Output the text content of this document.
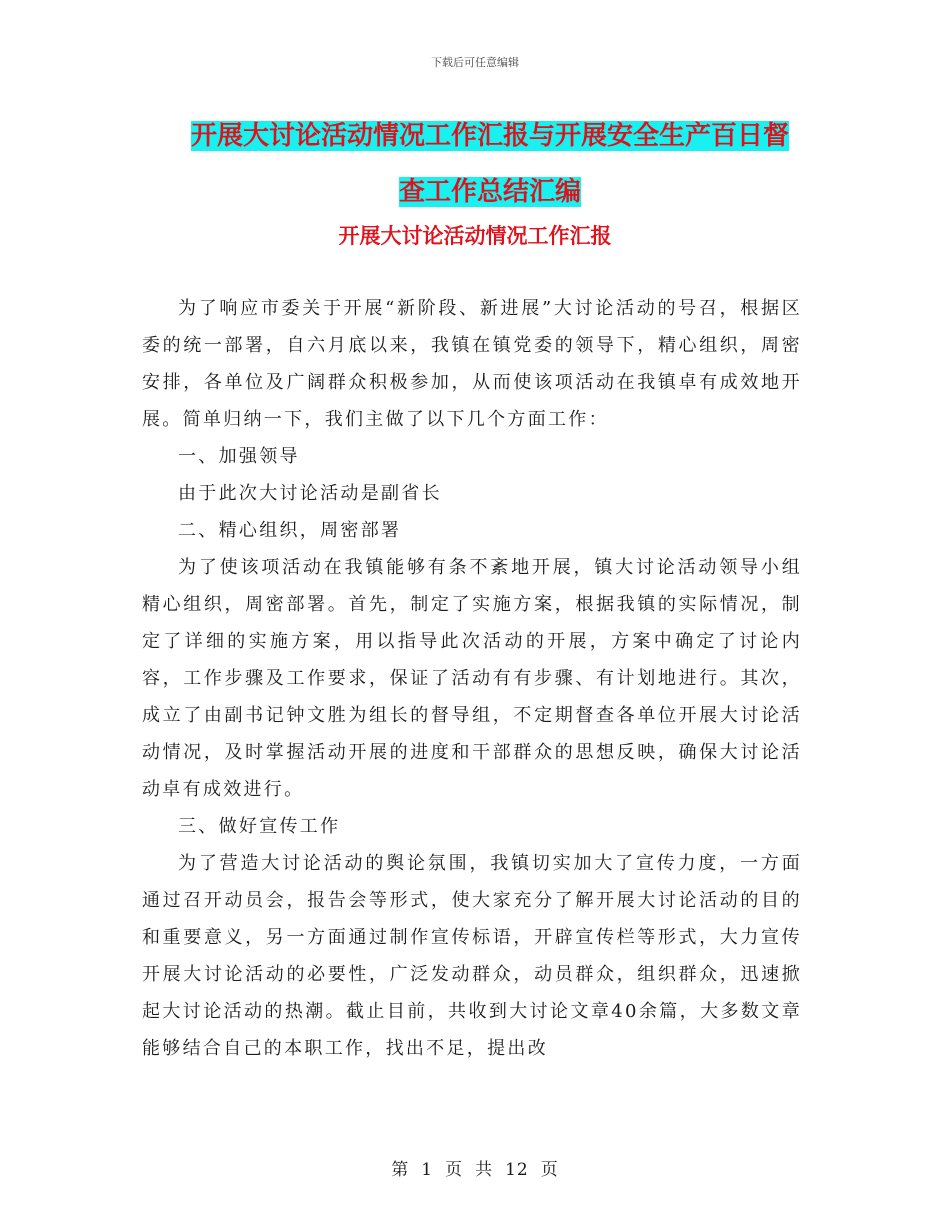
下载后可任意编辑
开展大讨论活动情况工作汇报与开展安全生产百日督
查工作总结汇编
开展大讨论活动情况工作汇报

为了响应市委关于开展“新阶段、新进展”大讨论活动的号召，根据区委的统一部署，自六月底以来，我镇在镇党委的领导下，精心组织，周密安排，各单位及广阔群众积极参加，从而使该项活动在我镇卓有成效地开展。简单归纳一下，我们主做了以下几个方面工作：

一、加强领导

由于此次大讨论活动是副省长

二、精心组织，周密部署

为了使该项活动在我镇能够有条不紊地开展，镇大讨论活动领导小组精心组织，周密部署。首先，制定了实施方案，根据我镇的实际情况，制定了详细的实施方案，用以指导此次活动的开展，方案中确定了讨论内容，工作步骤及工作要求，保证了活动有有步骤、有计划地进行。其次，成立了由副书记钟文胜为组长的督导组，不定期督查各单位开展大讨论活动情况，及时掌握活动开展的进度和干部群众的思想反映，确保大讨论活动卓有成效进行。

三、做好宣传工作

为了营造大讨论活动的舆论氛围，我镇切实加大了宣传力度，一方面通过召开动员会，报告会等形式，使大家充分了解开展大讨论活动的目的和重要意义，另一方面通过制作宣传标语，开辟宣传栏等形式，大力宣传开展大讨论活动的必要性，广泛发动群众，动员群众，组织群众，迅速掀起大讨论活动的热潮。截止目前，共收到大讨论文章40余篇，大多数文章能够结合自己的本职工作，找出不足，提出改

第 1 页 共 12 页
